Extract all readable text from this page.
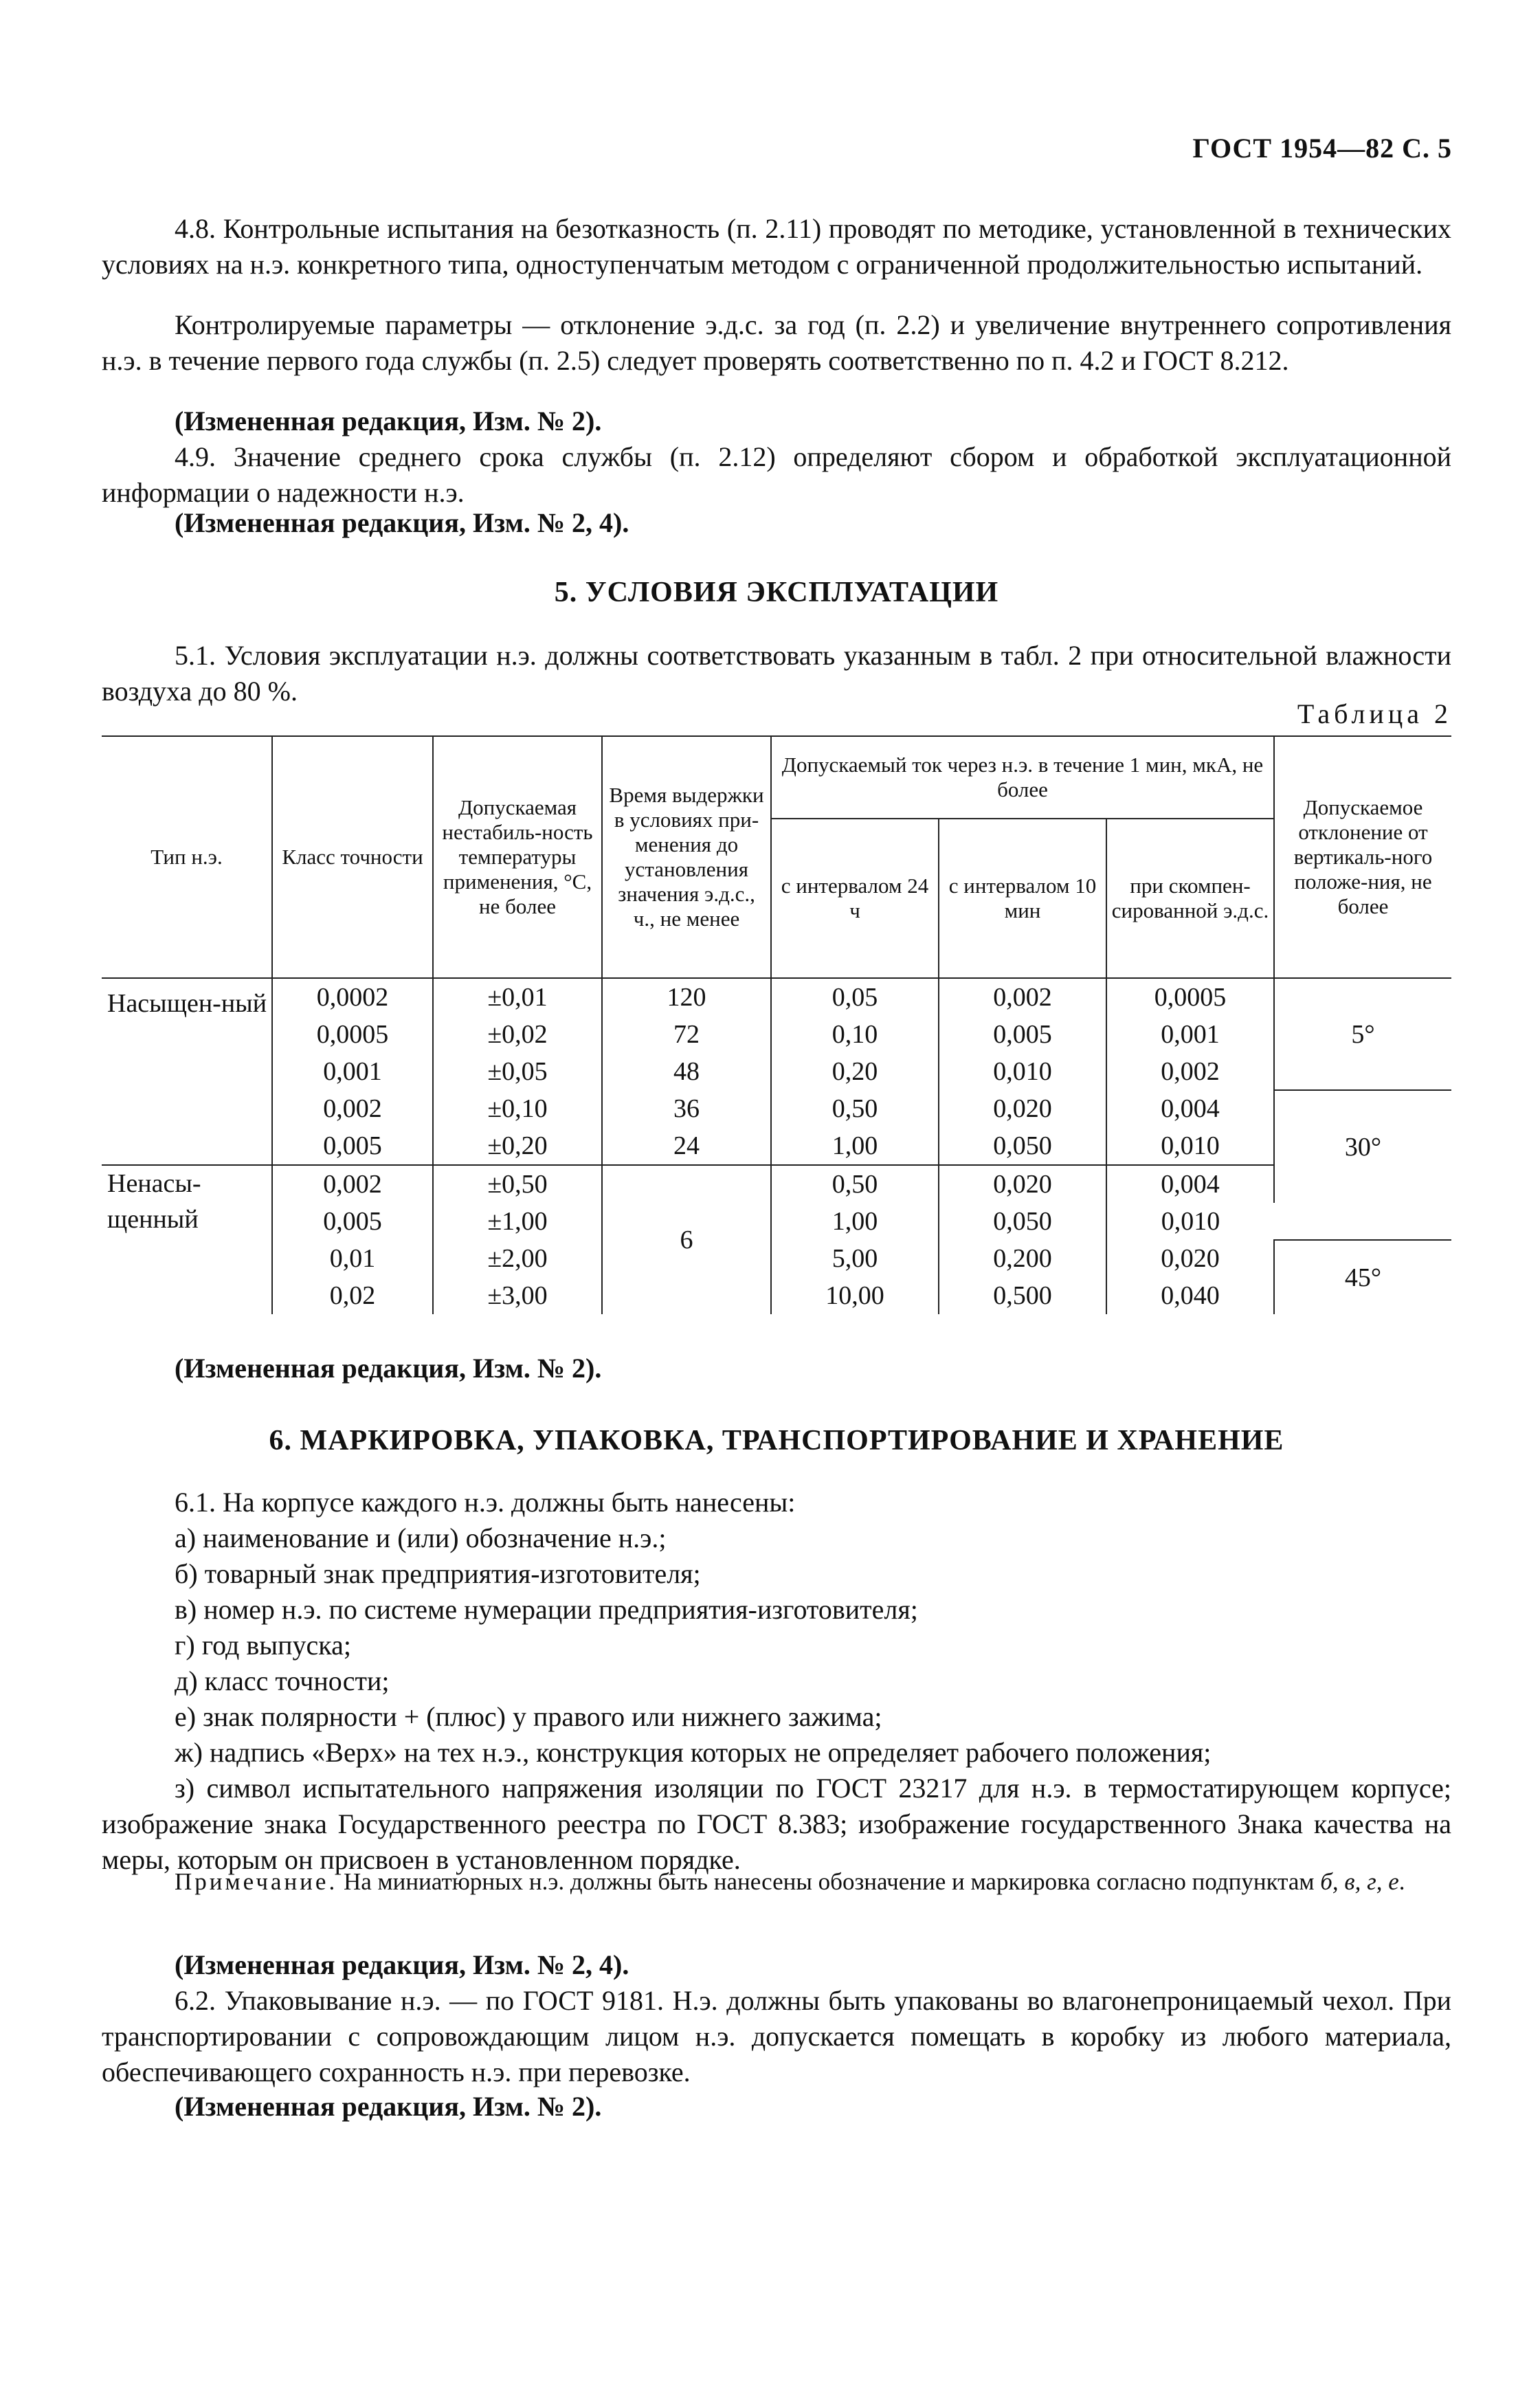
ГОСТ 1954—82 С. 5
4.8. Контрольные испытания на безотказность (п. 2.11) проводят по методике, установленной в технических условиях на н.э. конкретного типа, одноступенчатым методом с ограниченной продолжительностью испытаний.
Контролируемые параметры — отклонение э.д.с. за год (п. 2.2) и увеличение внутреннего сопротивления н.э. в течение первого года службы (п. 2.5) следует проверять соответственно по п. 4.2 и ГОСТ 8.212.
(Измененная редакция, Изм. № 2).
4.9. Значение среднего срока службы (п. 2.12) определяют сбором и обработкой эксплуатационной информации о надежности н.э.
(Измененная редакция, Изм. № 2, 4).
5. УСЛОВИЯ ЭКСПЛУАТАЦИИ
5.1. Условия эксплуатации н.э. должны соответствовать указанным в табл. 2 при относительной влажности воздуха до 80 %.
Таблица 2
Тип н.э.	Класс точности	Допускаемая нестабиль-ность температуры применения, °С, не более	Время выдержки в условиях при-менения до установления значения э.д.с., ч., не менее	Допускаемый ток через н.э. в течение 1 мин, мкА, не более			Допускаемое отклонение от вертикаль-ного положе-ния, не более
				с интервалом 24 ч	с интервалом 10 мин	при скомпен-сированной э.д.с.	
Насыщен-ный	0,0002	±0,01	120	0,05	0,002	0,0005	5°
	0,0005	±0,02	72	0,10	0,005	0,001	
	0,001	±0,05	48	0,20	0,010	0,002	
	0,002	±0,10	36	0,50	0,020	0,004	30°
	0,005	±0,20	24	1,00	0,050	0,010	
Ненасы-щенный	0,002	±0,50	6	0,50	0,020	0,004	
	0,005	±1,00		1,00	0,050	0,010	
	0,01	±2,00		5,00	0,200	0,020	45°
	0,02	±3,00		10,00	0,500	0,040	
(Измененная редакция, Изм. № 2).
6. МАРКИРОВКА, УПАКОВКА, ТРАНСПОРТИРОВАНИЕ И ХРАНЕНИЕ
6.1. На корпусе каждого н.э. должны быть нанесены:
а) наименование и (или) обозначение н.э.;
б) товарный знак предприятия-изготовителя;
в) номер н.э. по системе нумерации предприятия-изготовителя;
г) год выпуска;
д) класс точности;
е) знак полярности + (плюс) у правого или нижнего зажима;
ж) надпись «Верх» на тех н.э., конструкция которых не определяет рабочего положения;
з) символ испытательного напряжения изоляции по ГОСТ 23217 для н.э. в термостатирующем корпусе; изображение знака Государственного реестра по ГОСТ 8.383; изображение государственного Знака качества на меры, которым он присвоен в установленном порядке.
Примечание. На миниатюрных н.э. должны быть нанесены обозначение и маркировка согласно подпунктам б, в, г, е.
(Измененная редакция, Изм. № 2, 4).
6.2. Упаковывание н.э. — по ГОСТ 9181. Н.э. должны быть упакованы во влагонепроницаемый чехол. При транспортировании с сопровождающим лицом н.э. допускается помещать в коробку из любого материала, обеспечивающего сохранность н.э. при перевозке.
(Измененная редакция, Изм. № 2).
